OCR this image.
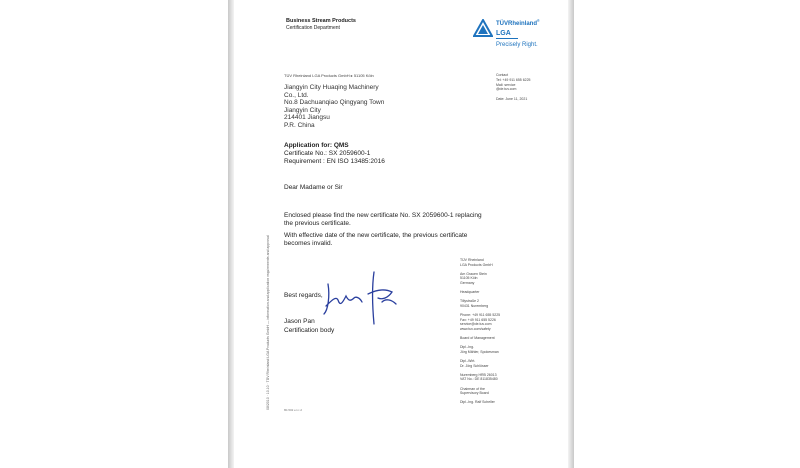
Business Stream Products
Certification Department
TÜVRheinland®
LGA
Precisely Right.
TÜV Rheinland LGA Products GmbH ▸ 51105 Köln
Jiangyin City Huaqing Machinery
Co., Ltd.
No.8 Dachuanqiao Qingyang Town
Jiangyin City
214401 Jiangsu
P.R. China
Contact
Tel: +49 911 655 6225
Mail: service
@de.tuv.com

Date: June 11, 2021
Application for: QMS
Certificate No.: SX 2059600-1
Requirement : EN ISO 13485:2016
Dear Madame or Sir
Enclosed please find the new certificate No. SX 2059600-1 replacing the previous certificate.
With effective date of the new certificate, the previous certificate becomes invalid.
TÜV Rheinland
LGA Products GmbH

Am Grauen Stein
51105 Köln
Germany

Headquarter

Tillystraße 2
90431 Nuremberg

Phone: +49 911 655 5225
Fax: +49 911 655 5226
service@de.tuv.com
www.tuv.com/safety

Board of Management

Dipl.-Ing.
Jörg Mähler, Spokesman

Dipl.-Wirt.
Dr. Jörg Schlösser

Nuremberg HRB 26013
VAT No.: DE 811835480

Chairman of the
Supervisory Board

Dipl.-Ing. Ralf Scheller
Best regards,
Jason Pan
Certification body
08/2010 · 10.10 · TÜV Rheinland LGA Products GmbH — information and application requirements and approval	80-502 en r-2
